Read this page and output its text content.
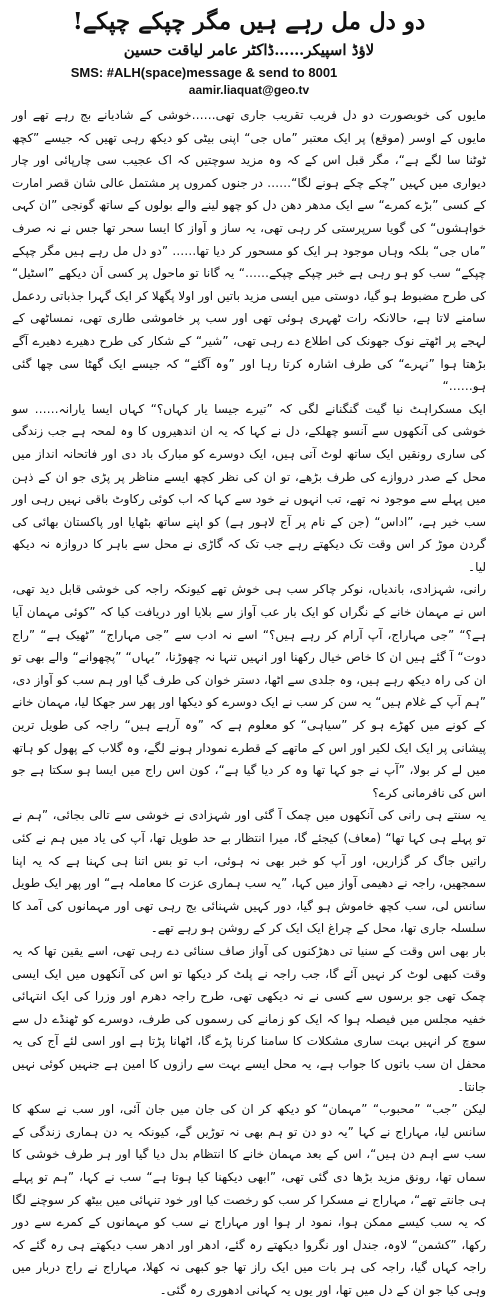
دو دل مل رہے ہیں مگر چپکے چپکے!
لاؤڈ اسپیکر……ڈاکٹر عامر لیاقت حسین
SMS: #ALH(space)message & send to 8001
aamir.liaquat@geo.tv

مایوں کی خوبصورت دو دل فریب تقریب جاری تھی……خوشی کے شادیانے بج رہے تھے اور مایوں کے اوسر (موقع) پر ایک معتبر ”ماں جی“ اپنی بیٹی کو دیکھ رہی تھیں کہ جیسے ”کچھ ٹوٹنا سا لگے ہے“، مگر قبل اس کے کہ وہ مزید سوچتیں کہ اک عجیب سی چارپائی اور چار دیواری میں کہیں ”چکے چکے ہونے لگا“…… در جنوں کمروں پر مشتمل عالی شان قصر امارت کے کسی ”بڑے کمرے“ سے ایک مدھر دھن دل کو چھو لینے والے بولوں کے ساتھ گونجی ”ان کہی خواہشوں“ کی گویا سرپرستی کر رہی تھی، یہ ساز و آواز کا ایسا سحر تھا جس نے نہ صرف ”ماں جی“ بلکہ وہاں موجود ہر ایک کو مسحور کر دیا تھا…… ”دو دل مل رہے ہیں مگر چپکے چپکے“ سب کو ہو رہی ہے خبر چپکے چپکے……“ یہ گانا تو ماحول پر کسی اَن دیکھے ”اسٹیل“ کی طرح مضبوط ہو گیا، دوستی میں ایسی مزید باتیں اور اولا پگھلا کر ایک گہرا جذباتی ردعمل سامنے لاتا ہے، حالانکہ رات ٹھہری ہوئی تھی اور سب پر خاموشی طاری تھی، نمساٹھی کے لہجے پر اٹھتے نوک جھونک کی اطلاع دے رہی تھی، ”شیر“ کے شکار کی طرح دھیرے دھیرے آگے بڑھتا ہوا ”نہرے“ کی طرف اشارہ کرتا رہا اور ”وہ آگئے“ کہ جیسے ایک گھٹا سی چھا گئی ہو……“

ایک مسکراہٹ نیا گیت گنگنانے لگی کہ ”تیرے جیسا یار کہاں؟“ کہاں ایسا یارانہ…… سو خوشی کی آنکھوں سے آنسو چھلکے، دل نے کہا کہ یہ ان اندھیروں کا وہ لمحہ ہے جب زندگی کی ساری رونقیں ایک ساتھ لوٹ آتی ہیں، ایک دوسرے کو مبارک باد دی اور فاتحانہ انداز میں محل کے صدر دروازے کی طرف بڑھے، تو ان کی نظر کچھ ایسے مناظر پر پڑی جو ان کے ذہن میں پہلے سے موجود نہ تھے، تب انہوں نے خود سے کہا کہ اب کوئی رکاوٹ باقی نہیں رہی اور سب خیر ہے، ”اداس“ (جن کے نام پر آج لاہور ہے) کو اپنے ساتھ بٹھایا اور پاکستان بھائی کی گردن موڑ کر اس وقت تک دیکھتے رہے جب تک کہ گاڑی نے محل سے باہر کا دروازہ نہ دیکھ لیا۔

رانی، شہزادی، باندیاں، نوکر چاکر سب ہی خوش تھے کیونکہ راجہ کی خوشی قابل دید تھی، اس نے مہمان خانے کے نگراں کو ایک بار عب آواز سے بلایا اور دریافت کیا کہ ”کوئی مہمان آیا ہے؟“ ”جی مہاراج، آپ آرام کر رہے ہیں؟“ اسے نہ ادب سے ”جی مہاراج“ ”ٹھیک ہے“ ”راج دوت“ آ گئے ہیں ان کا خاص خیال رکھنا اور انہیں تنہا نہ چھوڑنا، ”یہاں“ ”پچھوانے“ والے بھی تو ان کی راہ دیکھ رہے ہیں، وہ جلدی سے اٹھا، دستر خوان کی طرف گیا اور ہم سب کو آواز دی، ”ہم آپ کے غلام ہیں“ یہ سن کر سب نے ایک دوسرے کو دیکھا اور پھر سر جھکا لیا، مہمان خانے کے کونے میں کھڑے ہو کر ”سیاہی“ کو معلوم ہے کہ ”وہ آرہے ہیں“ راجہ کی طویل ترین پیشانی پر ایک ایک لکیر اور اس کے ماتھے کے قطرے نمودار ہونے لگے، وہ گلاب کے پھول کو ہاتھ میں لے کر بولا، ”آپ نے جو کہا تھا وہ کر دیا گیا ہے“، کون اس راج میں ایسا ہو سکتا ہے جو اس کی نافرمانی کرے؟

یہ سنتے ہی رانی کی آنکھوں میں چمک آ گئی اور شہزادی نے خوشی سے تالی بجائی، ”ہم نے تو پہلے ہی کہا تھا“ (معاف) کیجئے گا، میرا انتظار بے حد طویل تھا، آپ کی یاد میں ہم نے کئی راتیں جاگ کر گزاریں، اور آپ کو خبر بھی نہ ہوئی، اب تو بس اتنا ہی کہنا ہے کہ یہ اپنا سمجھیں، راجہ نے دھیمی آواز میں کہا، ”یہ سب ہماری عزت کا معاملہ ہے“ اور پھر ایک طویل سانس لی، سب کچھ خاموش ہو گیا، دور کہیں شہنائی بج رہی تھی اور مہمانوں کی آمد کا سلسلہ جاری تھا، محل کے چراغ ایک ایک کر کے روشن ہو رہے تھے۔

بار بھی اس وقت کے سنیا تی دھڑکنوں کی آواز صاف سنائی دے رہی تھی، اسے یقین تھا کہ یہ وقت کبھی لوٹ کر نہیں آئے گا، جب راجہ نے پلٹ کر دیکھا تو اس کی آنکھوں میں ایک ایسی چمک تھی جو برسوں سے کسی نے نہ دیکھی تھی، طرح راجہ دھرم اور وزرا کی ایک انتہائی خفیہ مجلس میں فیصلہ ہوا کہ ایک کو زمانے کی رسموں کی طرف، دوسرے کو ٹھنڈے دل سے سوچ کر انہیں بہت ساری مشکلات کا سامنا کرنا پڑے گا، اٹھانا پڑتا ہے اور اسی لئے آج کی یہ محفل ان سب باتوں کا جواب ہے، یہ محل ایسے بہت سے رازوں کا امین ہے جنہیں کوئی نہیں جانتا۔

لیکن ”جب“ ”محبوب“ ”مہمان“ کو دیکھ کر ان کی جان میں جان آئی، اور سب نے سکھ کا سانس لیا، مہاراج نے کہا ”یہ دو دن تو ہم بھی نہ توڑیں گے، کیونکہ یہ دن ہماری زندگی کے سب سے اہم دن ہیں“، اس کے بعد مہمان خانے کا انتظام بدل دیا گیا اور ہر طرف خوشی کا سماں تھا، رونق مزید بڑھا دی گئی تھی، ”ابھی دیکھنا کیا ہوتا ہے“ سب نے کہا، ”ہم تو پہلے ہی جانتے تھے“، مہاراج نے مسکرا کر سب کو رخصت کیا اور خود تنہائی میں بیٹھ کر سوچنے لگا کہ یہ سب کیسے ممکن ہوا، نمود ار ہوا اور مہاراج نے سب کو مہمانوں کے کمرے سے دور رکھا، ”کشمن“ لاوہ، جندل اور نگروا دیکھتے رہ گئے، ادھر اور ادھر سب دیکھتے ہی رہ گئے کہ راجہ کہاں گیا، راجہ کی ہر بات میں ایک راز تھا جو کبھی نہ کھلا، مہاراج نے راج دربار میں وہی کیا جو ان کے دل میں تھا، اور یوں یہ کہانی ادھوری رہ گئی۔
